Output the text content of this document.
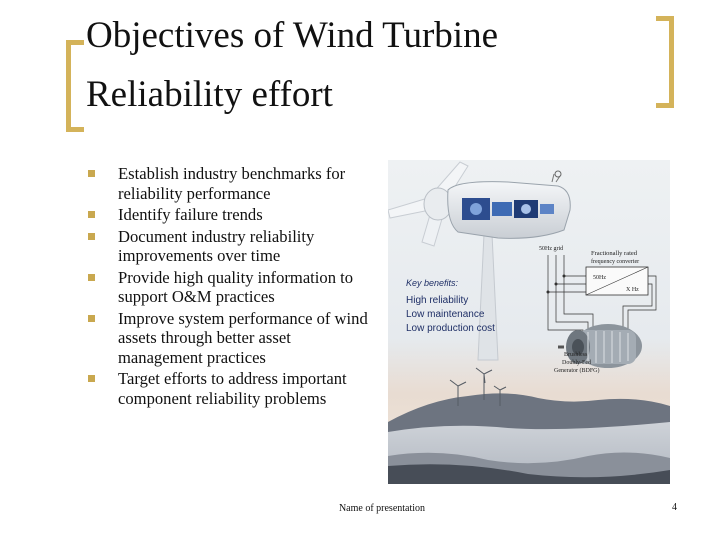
Objectives of Wind Turbine
Reliability effort
Establish industry benchmarks for reliability performance
Identify failure trends
Document industry reliability improvements over time
Provide high quality information to support O&M practices
Improve system performance of wind assets through better asset management practices
Target efforts to address important component reliability problems
50Hz grid
Fractionally rated
frequency converter
50Hz
X Hz
Brushless
Doubly-Fed
Generator (BDFG)
Key benefits:
High reliability
Low maintenance
Low production cost
Name of presentation	4
